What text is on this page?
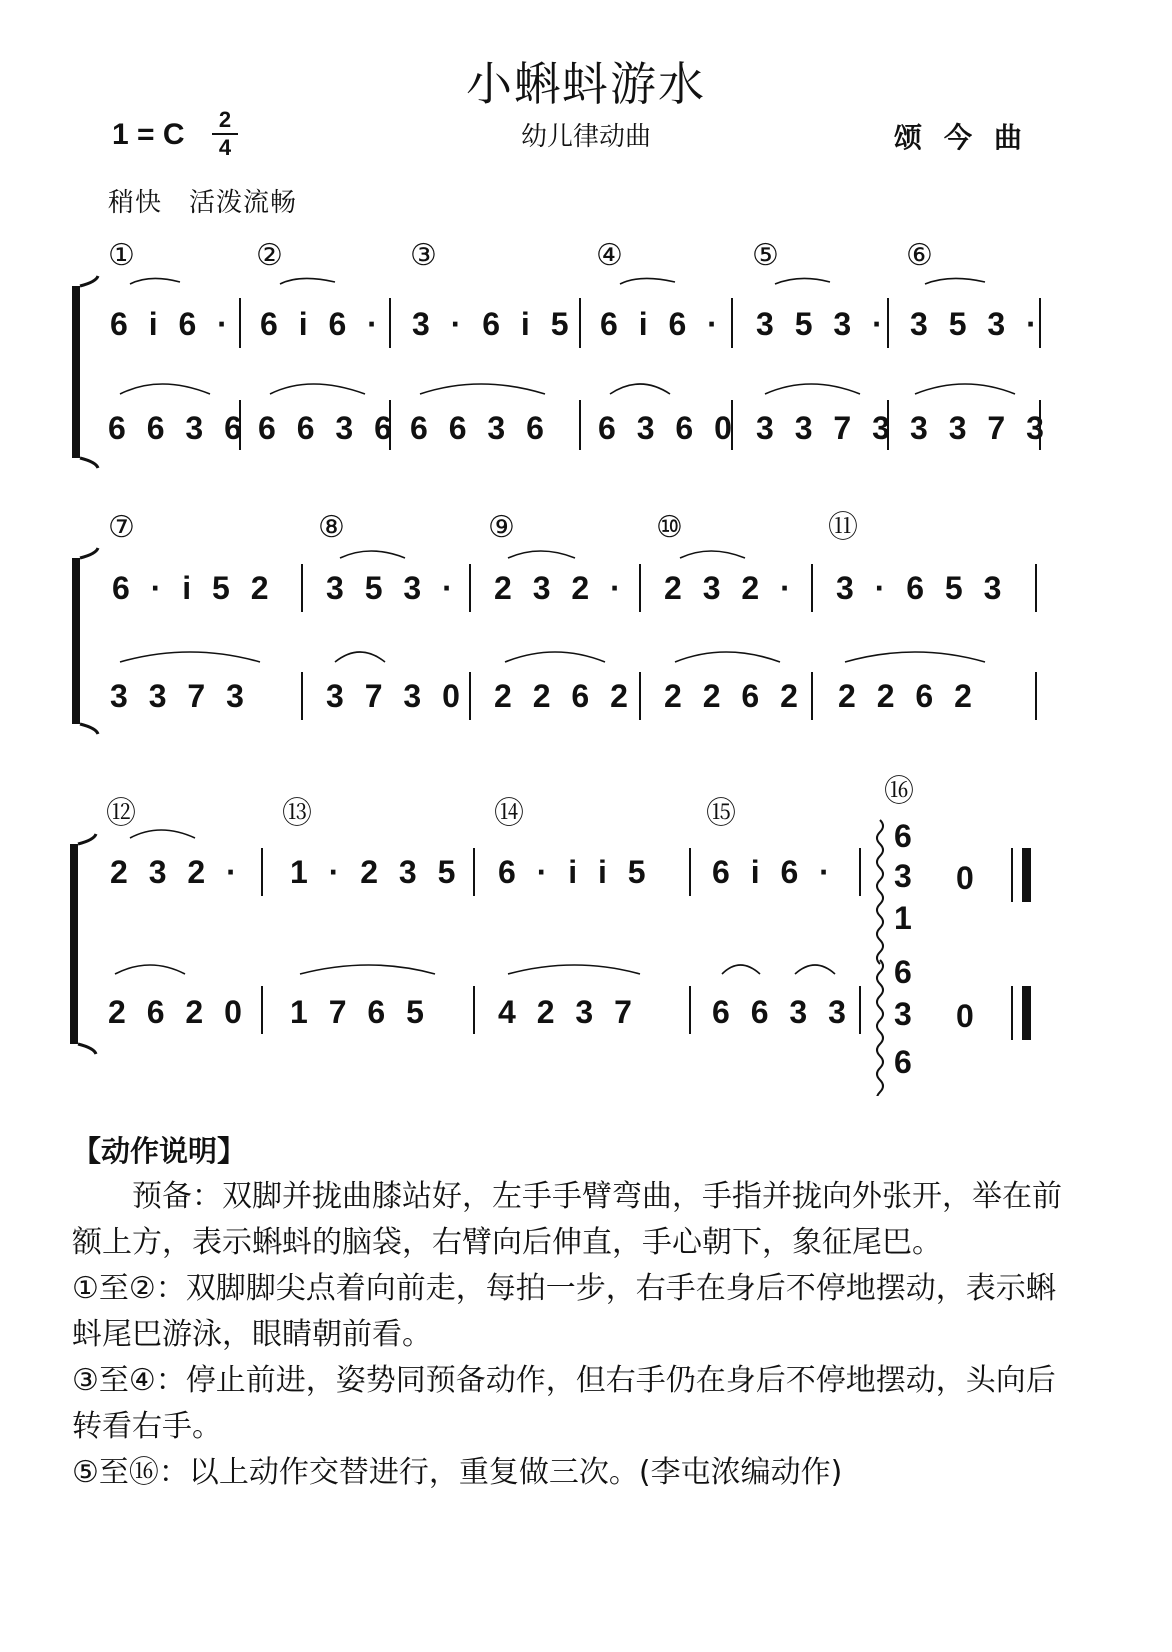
小蝌蚪游水
1 = C	2
4	幼儿律动曲	颂今曲
稍快　活泼流畅
①	②	③	④	⑤	⑥
6 i 6 · 6 i 6 · 3 · 6 i 5 6 i 6 · 3 5 3 · 3 5 3 ·
6 6 3 6 6 6 3 6 6 6 3 6 6 3 6 0 3 3 7 3 3 3 7 3
⑦	⑧	⑨	⑩	⑪
6 · i 5 2 3 5 3 · 2 3 2 · 2 3 2 · 3 · 6 5 3
3 3 7 3 3 7 3 0 2 2 6 2 2 2 6 2 2 2 6 2
⑫	⑬	⑭	⑮
⑯
2 3 2 · 1 · 2 3 5 6 · i i 5 6 i 6 ·	0
2 6 2 0 1 7 6 5 4 2 3 7 6 6 3 3	0
6
3
1
6
3
6
【动作说明】

预备：双脚并拢曲膝站好，左手手臂弯曲，手指并拢向外张开，举在前额上方，表示蝌蚪的脑袋，右臂向后伸直，手心朝下，象征尾巴。

①至②：双脚脚尖点着向前走，每拍一步，右手在身后不停地摆动，表示蝌蚪尾巴游泳，眼睛朝前看。

③至④：停止前进，姿势同预备动作，但右手仍在身后不停地摆动，头向后转看右手。

⑤至⑯：以上动作交替进行，重复做三次。(李屯浓编动作)
